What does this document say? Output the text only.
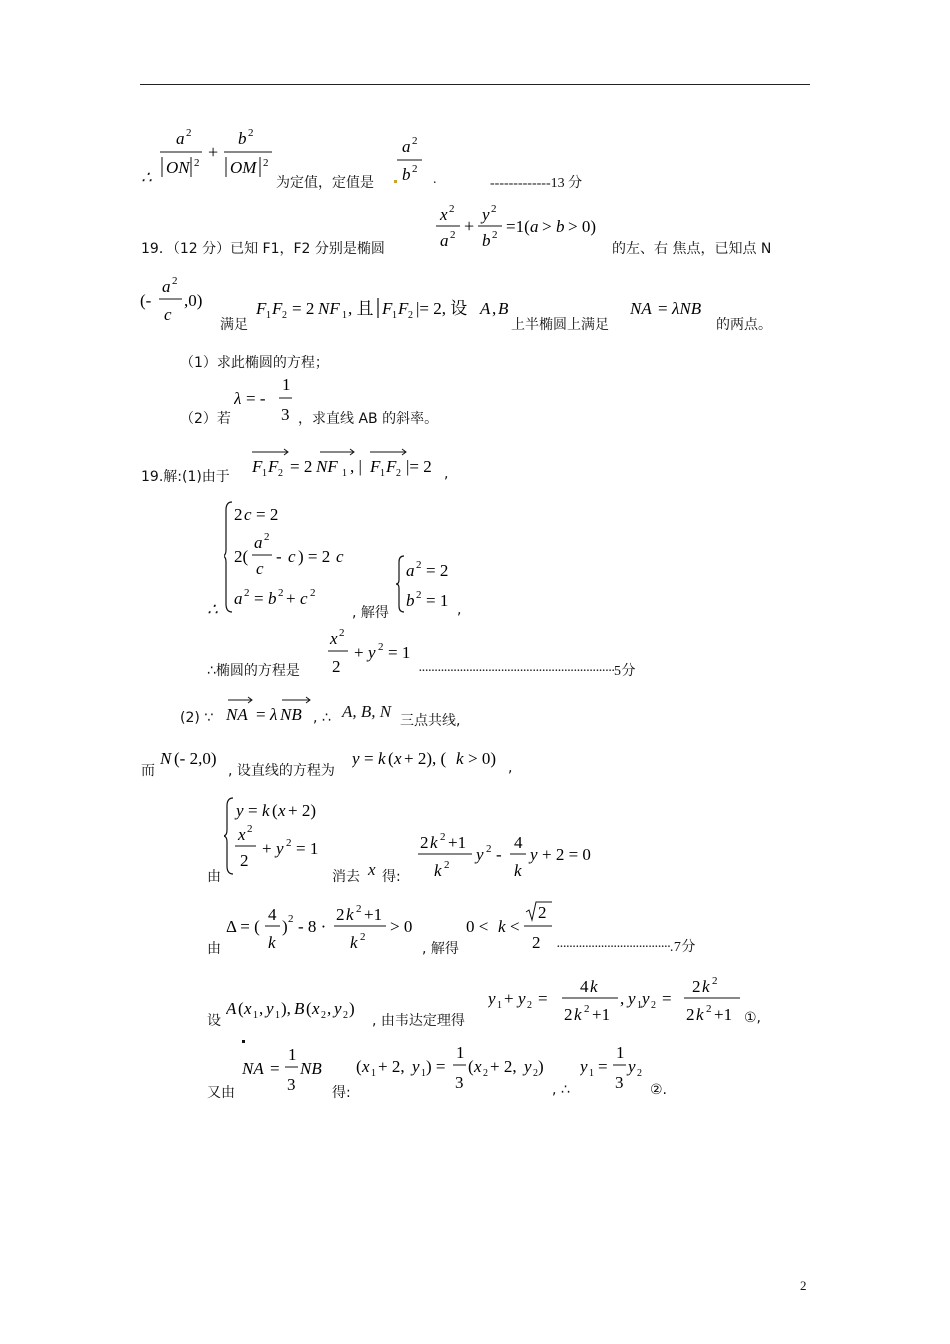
∴
a 2
ON 2
+
b 2
OM 2
为定值，定值是
a 2
b 2
.	-------------13 分
19．（12 分）已知 F1，F2 分别是椭圆
x 2
a 2 +
y 2
b 2 =1( a > b > 0)
的左、右 焦点，已知点 N
(-
a 2
c
,0)
满足
F 1 F 2 = 2 NF 1 , 且 F 1 F 2 |= 2, 设 A , B
上半椭圆上满足
NA = λNB
的两点。
（1）求此椭圆的方程；
（2）若
λ = -
1
3 ，求直线 AB 的斜率。
19.解:(1)由于
F 1 F 2 = 2 NF 1 , | F 1 F 2 |= 2 ,
2 c = 2
2(
a 2
c
- c ) = 2 c
a 2 = b 2 + c 2
∴	, 解得
a 2 = 2
b 2 = 1 ,
∴椭圆的方程是
x 2
2
+ y 2 = 1
······························································5 分
(2) ∵ NA = λ NB , ∴ A, B, N 三点共线,
而
N (- 2,0)
, 设直线的方程为
y = k ( x + 2), ( k > 0) ,
y = k ( x + 2)
x 2
2
+ y 2 = 1
由	消去 x 得:
2 k 2 +1
k 2
y 2 -
4
k
y + 2 = 0
由
Δ = (
4
k
) 2 - 8 ·
2 k 2 +1
k 2
> 0
, 解得
0 < k <
2
2 ····································. 7 分
设
A ( x 1 , y 1 ), B ( x 2 , y 2 )
, 由韦达定理得
y 1 + y 2 =
4 k
2 k 2 +1
, y 1 y 2 =
2 k 2
2 k 2 +1 ①,
又由
NA =
1
3
NB
得:
( x 1 + 2, y 1 ) =
1
3
( x 2 + 2, y 2 )
, ∴
y 1 =
1
3
y 2
②.
2
